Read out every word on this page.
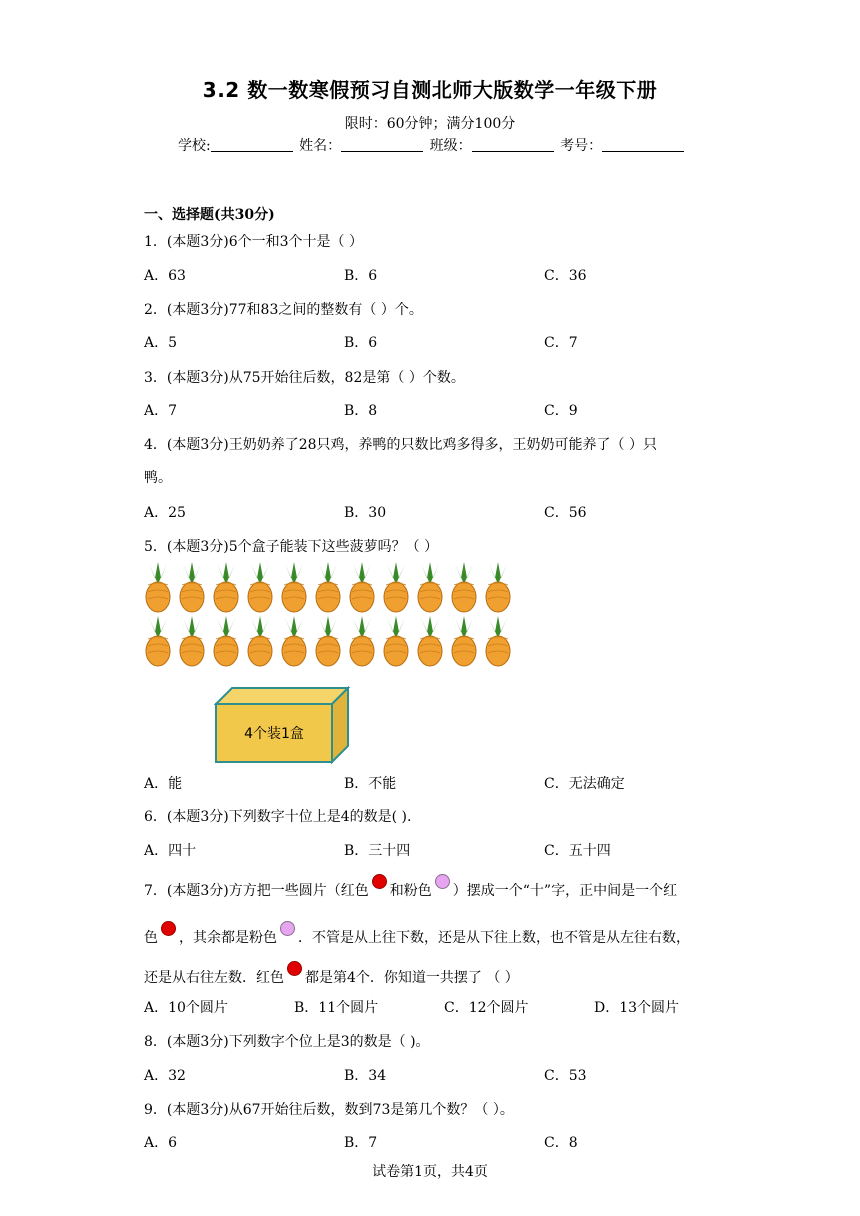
3.2 数一数寒假预习自测北师大版数学一年级下册
限时：60分钟；满分100分
学校:	姓名：	班级：	考号：
一、选择题(共30分)
1．(本题3分)6个一和3个十是（ ）
A．63	B．6	C．36
2．(本题3分)77和83之间的整数有（ ）个。
A．5	B．6	C．7
3．(本题3分)从75开始往后数，82是第（ ）个数。
A．7	B．8	C．9
4．(本题3分)王奶奶养了28只鸡，养鸭的只数比鸡多得多，王奶奶可能养了（ ）只
鸭。
A．25	B．30	C．56
5．(本题3分)5个盒子能装下这些菠萝吗？（ ）
4个装1盒
A．能	B．不能	C．无法确定
6．(本题3分)下列数字十位上是4的数是( ).
A．四十	B．三十四	C．五十四
7．(本题3分)方方把一些圆片（红色 和粉色 ）摆成一个“十”字，正中间是一个红
色 ，其余都是粉色 ．不管是从上往下数，还是从下往上数，也不管是从左往右数，
还是从右往左数．红色 都是第4个．你知道一共摆了 （ ）
A．10个圆片	B．11个圆片	C．12个圆片	D．13个圆片
8．(本题3分)下列数字个位上是3的数是（ )。
A．32	B．34	C．53
9．(本题3分)从67开始往后数，数到73是第几个数？（ ）。
A．6	B．7	C．8
试卷第1页，共4页
